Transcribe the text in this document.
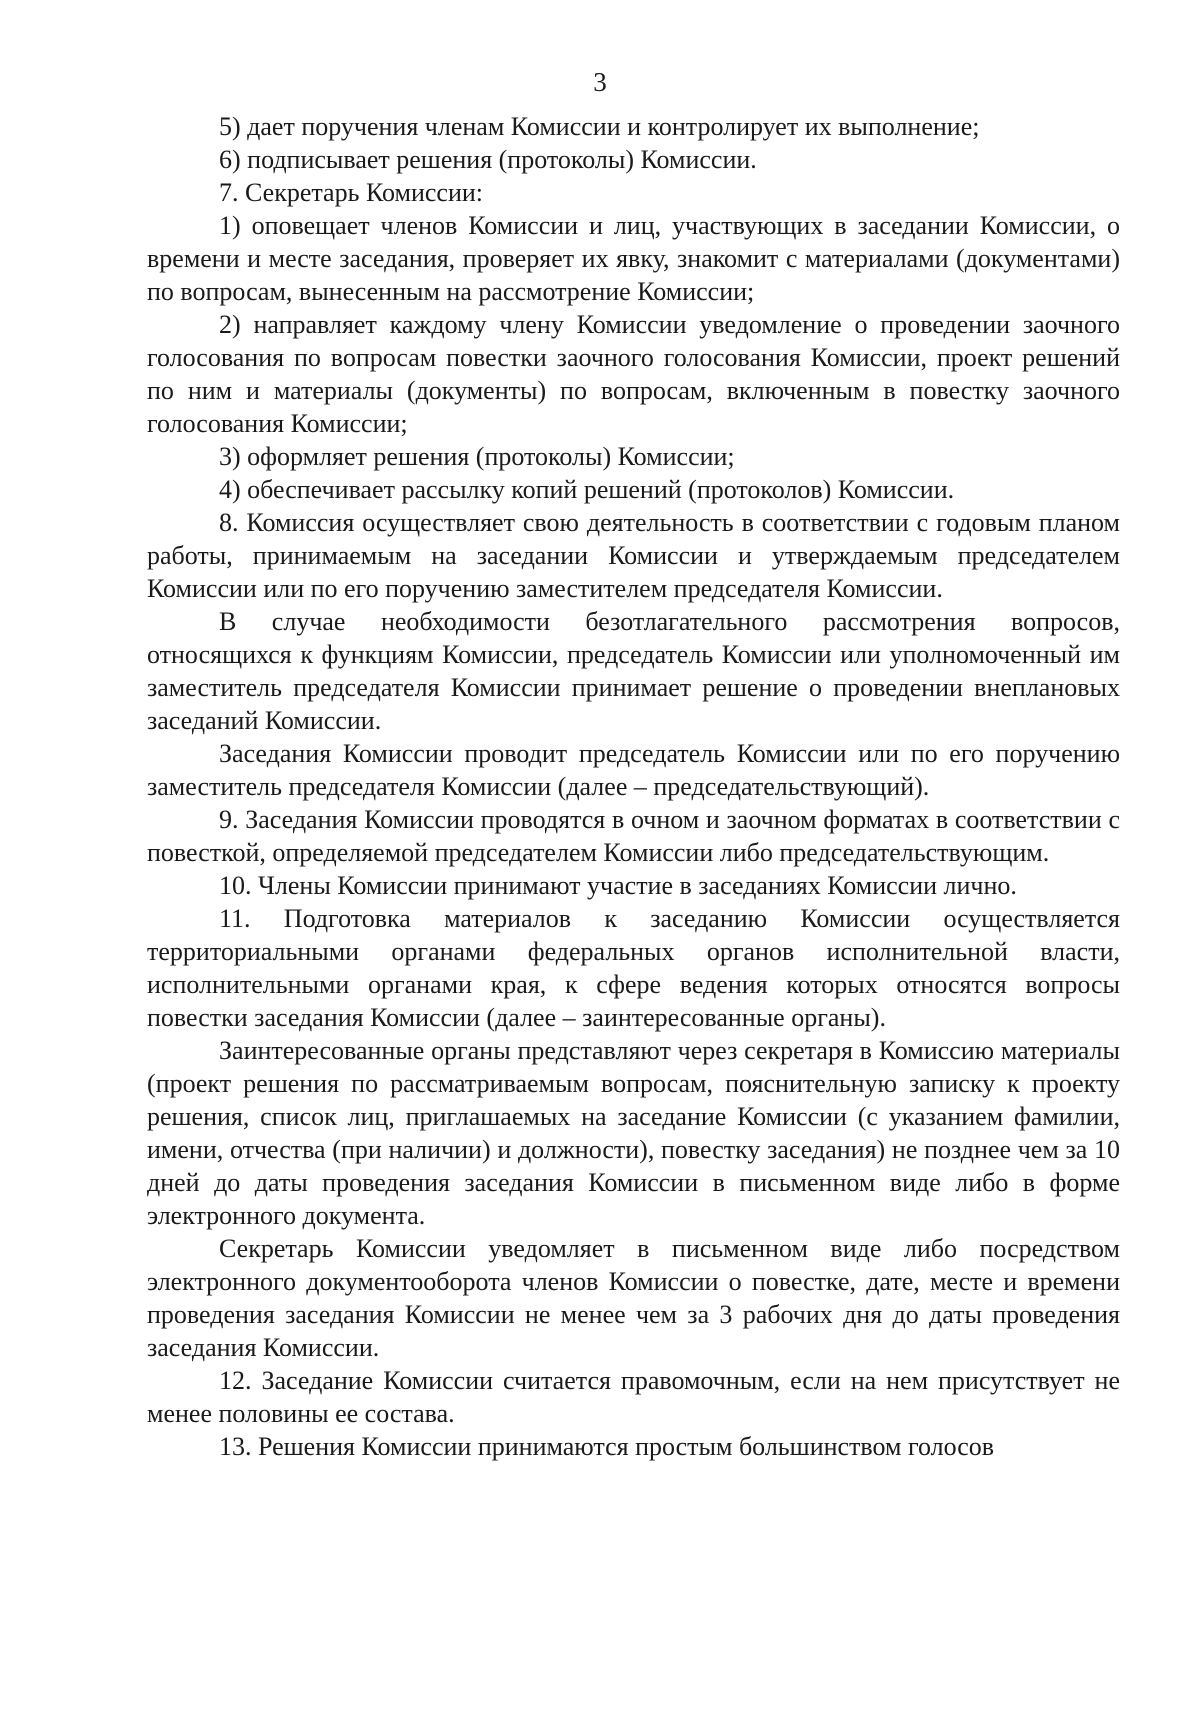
3

5) дает поручения членам Комиссии и контролирует их выполнение;

6) подписывает решения (протоколы) Комиссии.

7. Секретарь Комиссии:

1) оповещает членов Комиссии и лиц, участвующих в заседании Комиссии, о времени и месте заседания, проверяет их явку, знакомит с материалами (документами) по вопросам, вынесенным на рассмотрение Комиссии;

2) направляет каждому члену Комиссии уведомление о проведении заочного голосования по вопросам повестки заочного голосования Комиссии, проект решений по ним и материалы (документы) по вопросам, включенным в повестку заочного голосования Комиссии;

3) оформляет решения (протоколы) Комиссии;

4) обеспечивает рассылку копий решений (протоколов) Комиссии.

8. Комиссия осуществляет свою деятельность в соответствии с годовым планом работы, принимаемым на заседании Комиссии и утверждаемым председателем Комиссии или по его поручению заместителем председателя Комиссии.

В случае необходимости безотлагательного рассмотрения вопросов, относящихся к функциям Комиссии, председатель Комиссии или уполномоченный им заместитель председателя Комиссии принимает решение о проведении внеплановых заседаний Комиссии.

Заседания Комиссии проводит председатель Комиссии или по его поручению заместитель председателя Комиссии (далее – председательствующий).

9. Заседания Комиссии проводятся в очном и заочном форматах в соответствии с повесткой, определяемой председателем Комиссии либо председательствующим.

10. Члены Комиссии принимают участие в заседаниях Комиссии лично.

11. Подготовка материалов к заседанию Комиссии осуществляется территориальными органами федеральных органов исполнительной власти, исполнительными органами края, к сфере ведения которых относятся вопросы повестки заседания Комиссии (далее – заинтересованные органы).

Заинтересованные органы представляют через секретаря в Комиссию материалы (проект решения по рассматриваемым вопросам, пояснительную записку к проекту решения, список лиц, приглашаемых на заседание Комиссии (с указанием фамилии, имени, отчества (при наличии) и должности), повестку заседания) не позднее чем за 10 дней до даты проведения заседания Комиссии в письменном виде либо в форме электронного документа.

Секретарь Комиссии уведомляет в письменном виде либо посредством электронного документооборота членов Комиссии о повестке, дате, месте и времени проведения заседания Комиссии не менее чем за 3 рабочих дня до даты проведения заседания Комиссии.

12. Заседание Комиссии считается правомочным, если на нем присутствует не менее половины ее состава.

13. Решения Комиссии принимаются простым большинством голосов
